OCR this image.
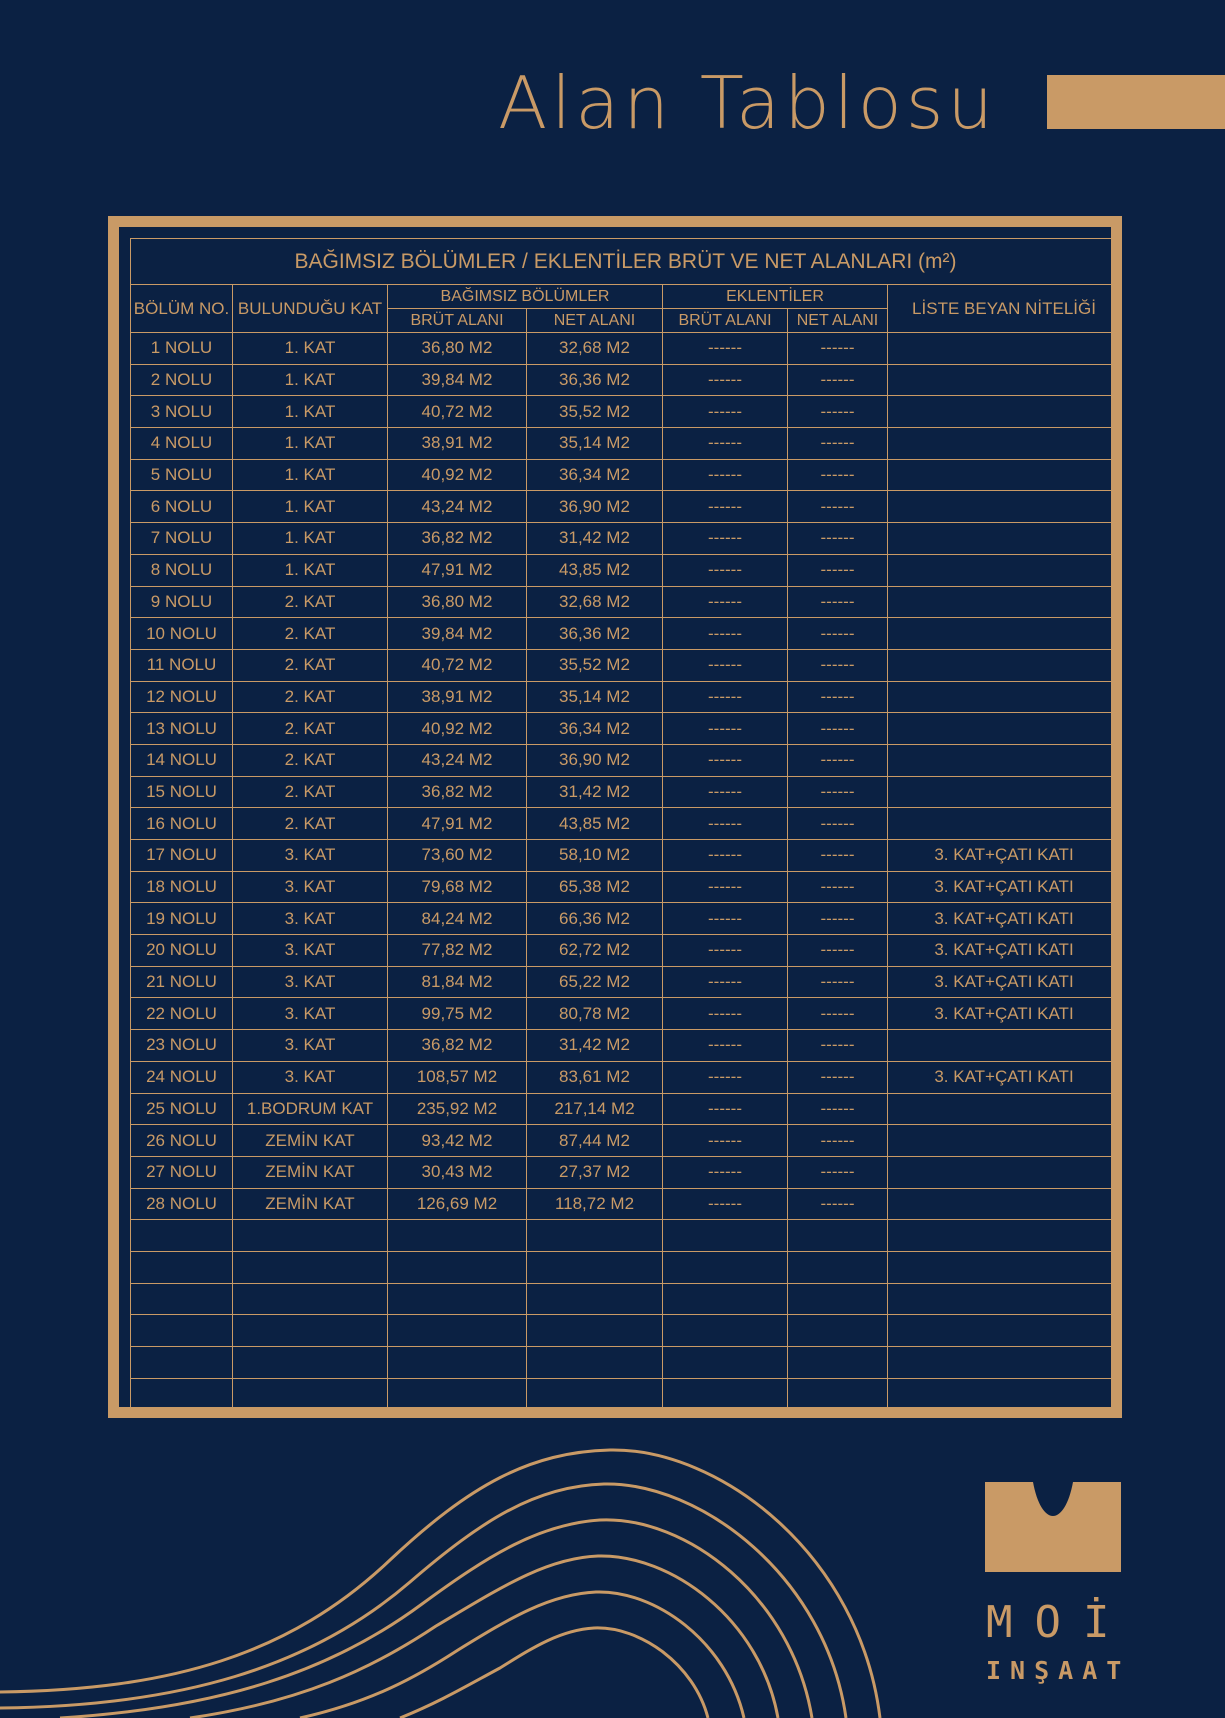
Alan Tablosu
BAĞIMSIZ BÖLÜMLER / EKLENTİLER BRÜT VE NET ALANLARI (m²)						
BÖLÜM NO.	BULUNDUĞU KAT	BAĞIMSIZ BÖLÜMLER		EKLENTİLER		LİSTE BEYAN NİTELİĞİ
		BRÜT ALANI	NET ALANI	BRÜT ALANI	NET ALANI	
1 NOLU	1. KAT	36,80 M2	32,68 M2	------	------	
2 NOLU	1. KAT	39,84 M2	36,36 M2	------	------	
3 NOLU	1. KAT	40,72 M2	35,52 M2	------	------	
4 NOLU	1. KAT	38,91 M2	35,14 M2	------	------	
5 NOLU	1. KAT	40,92 M2	36,34 M2	------	------	
6 NOLU	1. KAT	43,24 M2	36,90 M2	------	------	
7 NOLU	1. KAT	36,82 M2	31,42 M2	------	------	
8 NOLU	1. KAT	47,91 M2	43,85 M2	------	------	
9 NOLU	2. KAT	36,80 M2	32,68 M2	------	------	
10 NOLU	2. KAT	39,84 M2	36,36 M2	------	------	
11 NOLU	2. KAT	40,72 M2	35,52 M2	------	------	
12 NOLU	2. KAT	38,91 M2	35,14 M2	------	------	
13 NOLU	2. KAT	40,92 M2	36,34 M2	------	------	
14 NOLU	2. KAT	43,24 M2	36,90 M2	------	------	
15 NOLU	2. KAT	36,82 M2	31,42 M2	------	------	
16 NOLU	2. KAT	47,91 M2	43,85 M2	------	------	
17 NOLU	3. KAT	73,60 M2	58,10 M2	------	------	3. KAT+ÇATI KATI
18 NOLU	3. KAT	79,68 M2	65,38 M2	------	------	3. KAT+ÇATI KATI
19 NOLU	3. KAT	84,24 M2	66,36 M2	------	------	3. KAT+ÇATI KATI
20 NOLU	3. KAT	77,82 M2	62,72 M2	------	------	3. KAT+ÇATI KATI
21 NOLU	3. KAT	81,84 M2	65,22 M2	------	------	3. KAT+ÇATI KATI
22 NOLU	3. KAT	99,75 M2	80,78 M2	------	------	3. KAT+ÇATI KATI
23 NOLU	3. KAT	36,82 M2	31,42 M2	------	------	
24 NOLU	3. KAT	108,57 M2	83,61 M2	------	------	3. KAT+ÇATI KATI
25 NOLU	1.BODRUM KAT	235,92 M2	217,14 M2	------	------	
26 NOLU	ZEMİN KAT	93,42 M2	87,44 M2	------	------	
27 NOLU	ZEMİN KAT	30,43 M2	27,37 M2	------	------	
28 NOLU	ZEMİN KAT	126,69 M2	118,72 M2	------	------	

MOİ
INŞAAT
